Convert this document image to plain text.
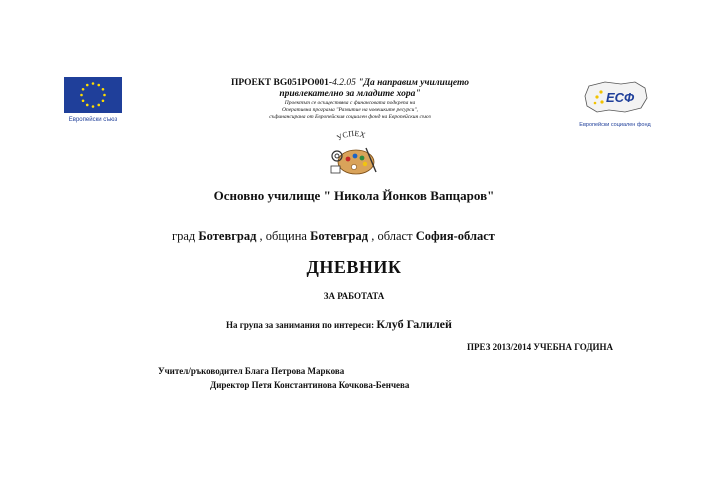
Европейски съюз
ЕСФ
Европейски социален фонд
ПРОЕКТ BG051PO001-4.2.05 "Да направим училището
привлекателно за младите хора"
Проектът се осъществява с финансовата подкрепа на
Оперативна програма "Развитие на човешките ресурси",
съфинансирана от Европейския социален фонд на Европейския съюз
УСПЕХ
Основно училище " Никола Йонков Вапцаров"
град Ботевград , община Ботевград , област София-област
ДНЕВНИК
ЗА РАБОТАТА
На група за занимания по интереси: Клуб Галилей
ПРЕЗ 2013/2014 УЧЕБНА ГОДИНА
Учител/ръководител Блага Петрова Маркова
Директор Петя Константинова Кочкова-Бенчева
